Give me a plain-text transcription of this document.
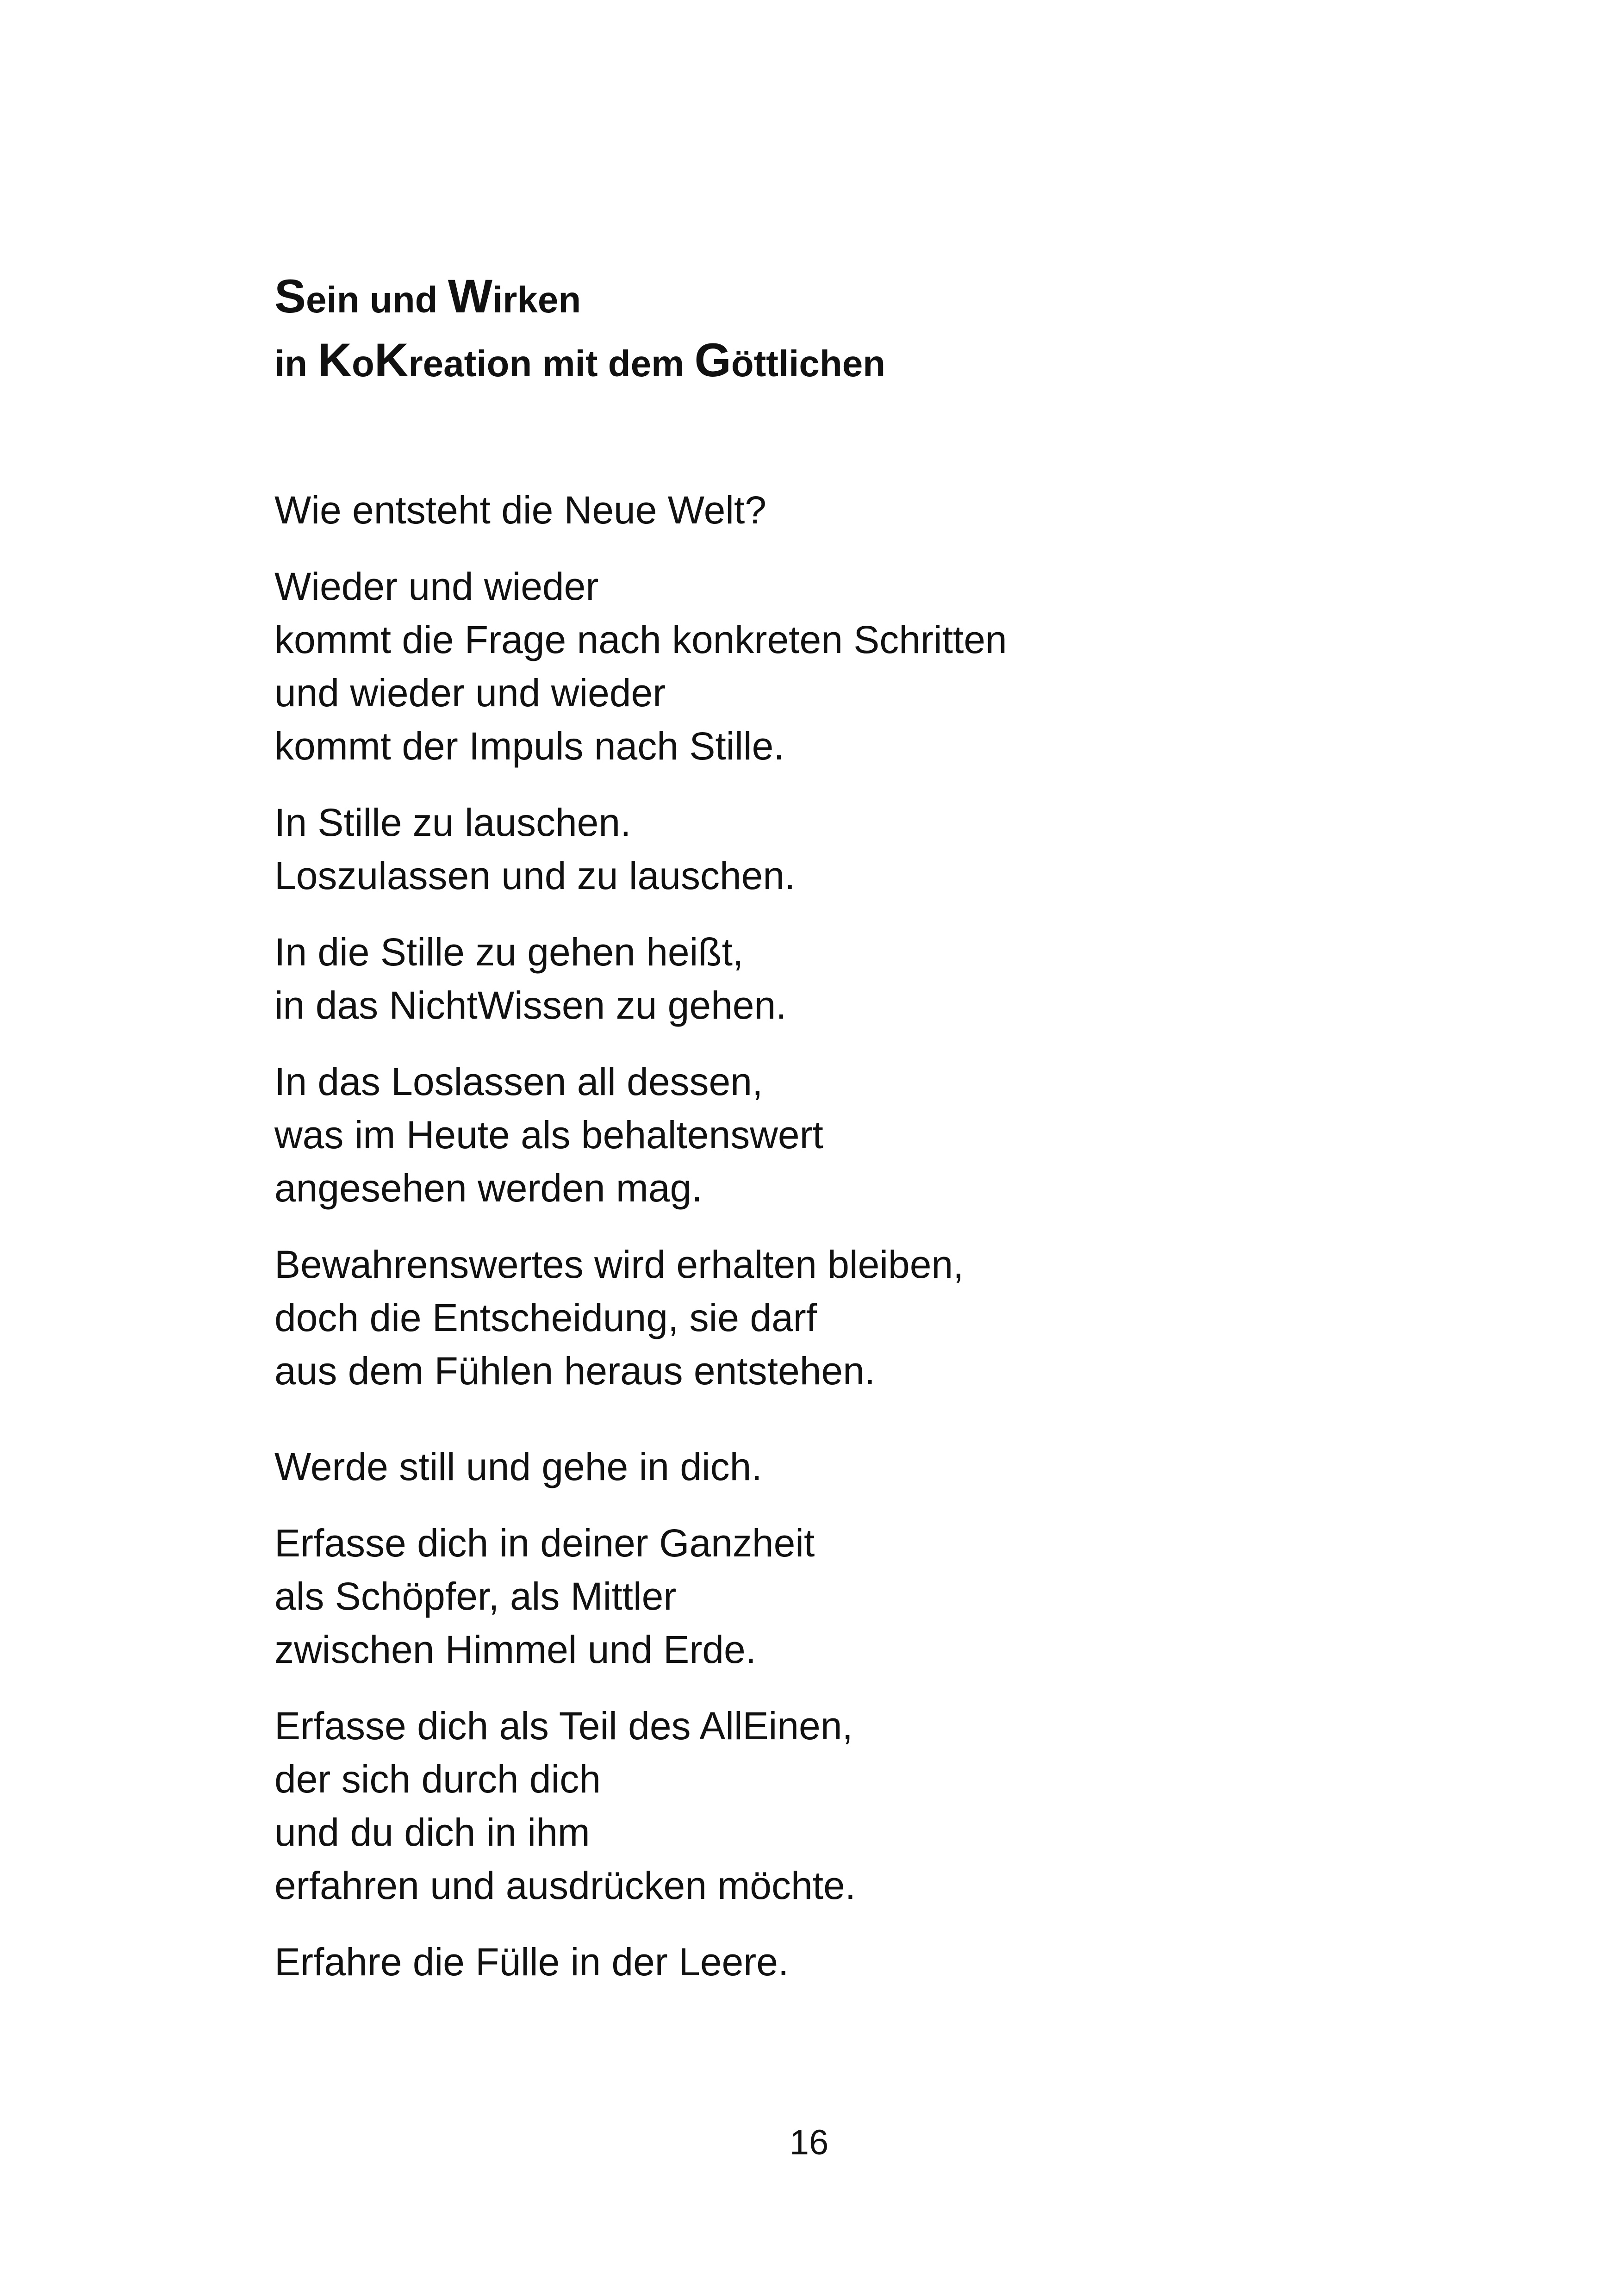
Sein und Wirken

in KoKreation mit dem Göttlichen

Wie entsteht die Neue Welt?
Wieder und wieder
kommt die Frage nach konkreten Schritten
und wieder und wieder
kommt der Impuls nach Stille.
In Stille zu lauschen.
Loszulassen und zu lauschen.
In die Stille zu gehen heißt,
in das NichtWissen zu gehen.
In das Loslassen all dessen,
was im Heute als behaltenswert
angesehen werden mag.
Bewahrenswertes wird erhalten bleiben,
doch die Entscheidung, sie darf
aus dem Fühlen heraus entstehen.
Werde still und gehe in dich.
Erfasse dich in deiner Ganzheit
als Schöpfer, als Mittler
zwischen Himmel und Erde.
Erfasse dich als Teil des AllEinen,
der sich durch dich
und du dich in ihm
erfahren und ausdrücken möchte.
Erfahre die Fülle in der Leere.
16
